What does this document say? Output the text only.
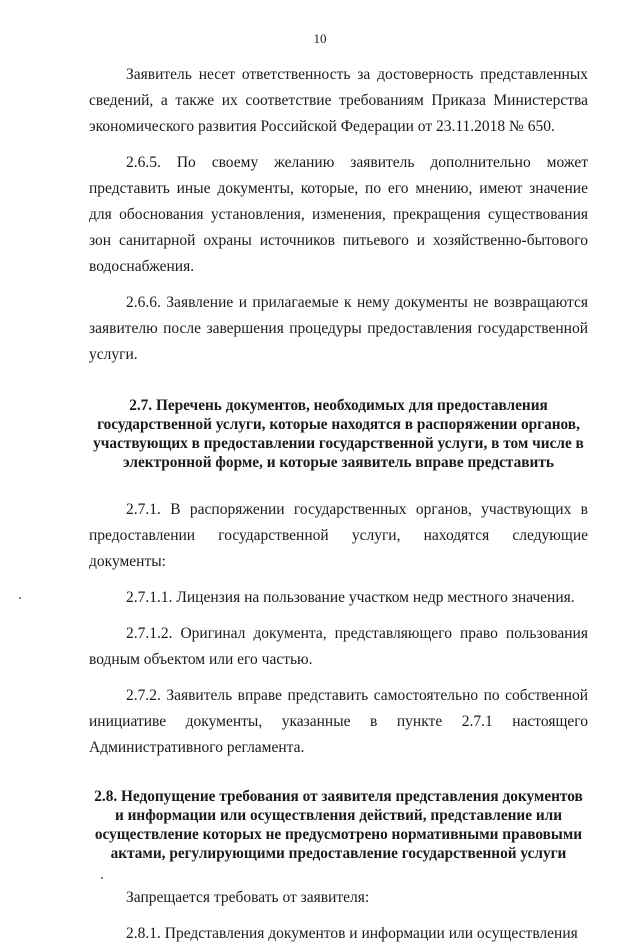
10

Заявитель несет ответственность за достоверность представленных сведений, а также их соответствие требованиям Приказа Министерства экономического развития Российской Федерации от 23.11.2018 № 650.

2.6.5. По своему желанию заявитель дополнительно может представить иные документы, которые, по его мнению, имеют значение для обоснования установления, изменения, прекращения существования зон санитарной охраны источников питьевого и хозяйственно-бытового водоснабжения.

2.6.6. Заявление и прилагаемые к нему документы не возвращаются заявителю после завершения процедуры предоставления государственной услуги.

2.7. Перечень документов, необходимых для предоставления государственной услуги, которые находятся в распоряжении органов, участвующих в предоставлении государственной услуги, в том числе в электронной форме, и которые заявитель вправе представить

2.7.1. В распоряжении государственных органов, участвующих в предоставлении государственной услуги, находятся следующие документы:

2.7.1.1. Лицензия на пользование участком недр местного значения.

2.7.1.2. Оригинал документа, представляющего право пользования водным объектом или его частью.

2.7.2. Заявитель вправе представить самостоятельно по собственной инициативе документы, указанные в пункте 2.7.1 настоящего Административного регламента.

2.8. Недопущение требования от заявителя представления документов и информации или осуществления действий, представление или осуществление которых не предусмотрено нормативными правовыми актами, регулирующими предоставление государственной услуги

Запрещается требовать от заявителя:

2.8.1. Представления документов и информации или осуществления
